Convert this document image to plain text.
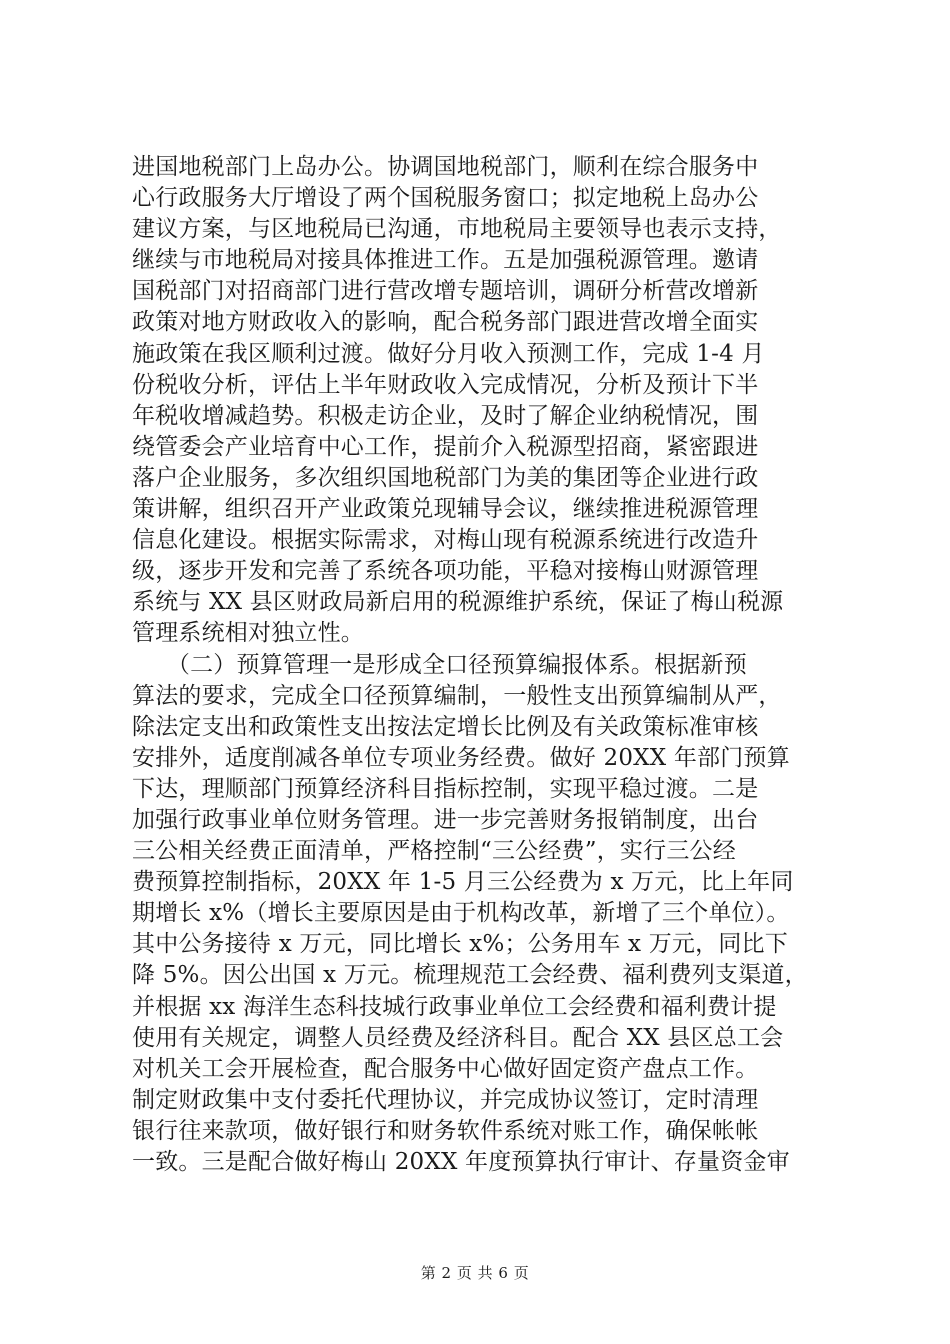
进国地税部门上岛办公。协调国地税部门，顺利在综合服务中
心行政服务大厅增设了两个国税服务窗口；拟定地税上岛办公
建议方案，与区地税局已沟通，市地税局主要领导也表示支持，
继续与市地税局对接具体推进工作。五是加强税源管理。邀请
国税部门对招商部门进行营改增专题培训，调研分析营改增新
政策对地方财政收入的影响，配合税务部门跟进营改增全面实
施政策在我区顺利过渡。做好分月收入预测工作，完成 1-4 月
份税收分析，评估上半年财政收入完成情况，分析及预计下半
年税收增减趋势。积极走访企业，及时了解企业纳税情况，围
绕管委会产业培育中心工作，提前介入税源型招商，紧密跟进
落户企业服务，多次组织国地税部门为美的集团等企业进行政
策讲解，组织召开产业政策兑现辅导会议，继续推进税源管理
信息化建设。根据实际需求，对梅山现有税源系统进行改造升
级，逐步开发和完善了系统各项功能，平稳对接梅山财源管理
系统与 XX 县区财政局新启用的税源维护系统，保证了梅山税源
管理系统相对独立性。
　　（二）预算管理一是形成全口径预算编报体系。根据新预
算法的要求，完成全口径预算编制，一般性支出预算编制从严，
除法定支出和政策性支出按法定增长比例及有关政策标准审核
安排外，适度削减各单位专项业务经费。做好 20XX 年部门预算
下达，理顺部门预算经济科目指标控制，实现平稳过渡。二是
加强行政事业单位财务管理。进一步完善财务报销制度，出台
三公相关经费正面清单，严格控制“三公经费”，实行三公经
费预算控制指标，20XX 年 1-5 月三公经费为 x 万元，比上年同
期增长 x%（增长主要原因是由于机构改革，新增了三个单位）。
其中公务接待 x 万元，同比增长 x%；公务用车 x 万元，同比下
降 5%。因公出国 x 万元。梳理规范工会经费、福利费列支渠道，
并根据 xx 海洋生态科技城行政事业单位工会经费和福利费计提
使用有关规定，调整人员经费及经济科目。配合 XX 县区总工会
对机关工会开展检查，配合服务中心做好固定资产盘点工作。
制定财政集中支付委托代理协议，并完成协议签订，定时清理
银行往来款项，做好银行和财务软件系统对账工作，确保帐帐
一致。三是配合做好梅山 20XX 年度预算执行审计、存量资金审
第 2 页 共 6 页
